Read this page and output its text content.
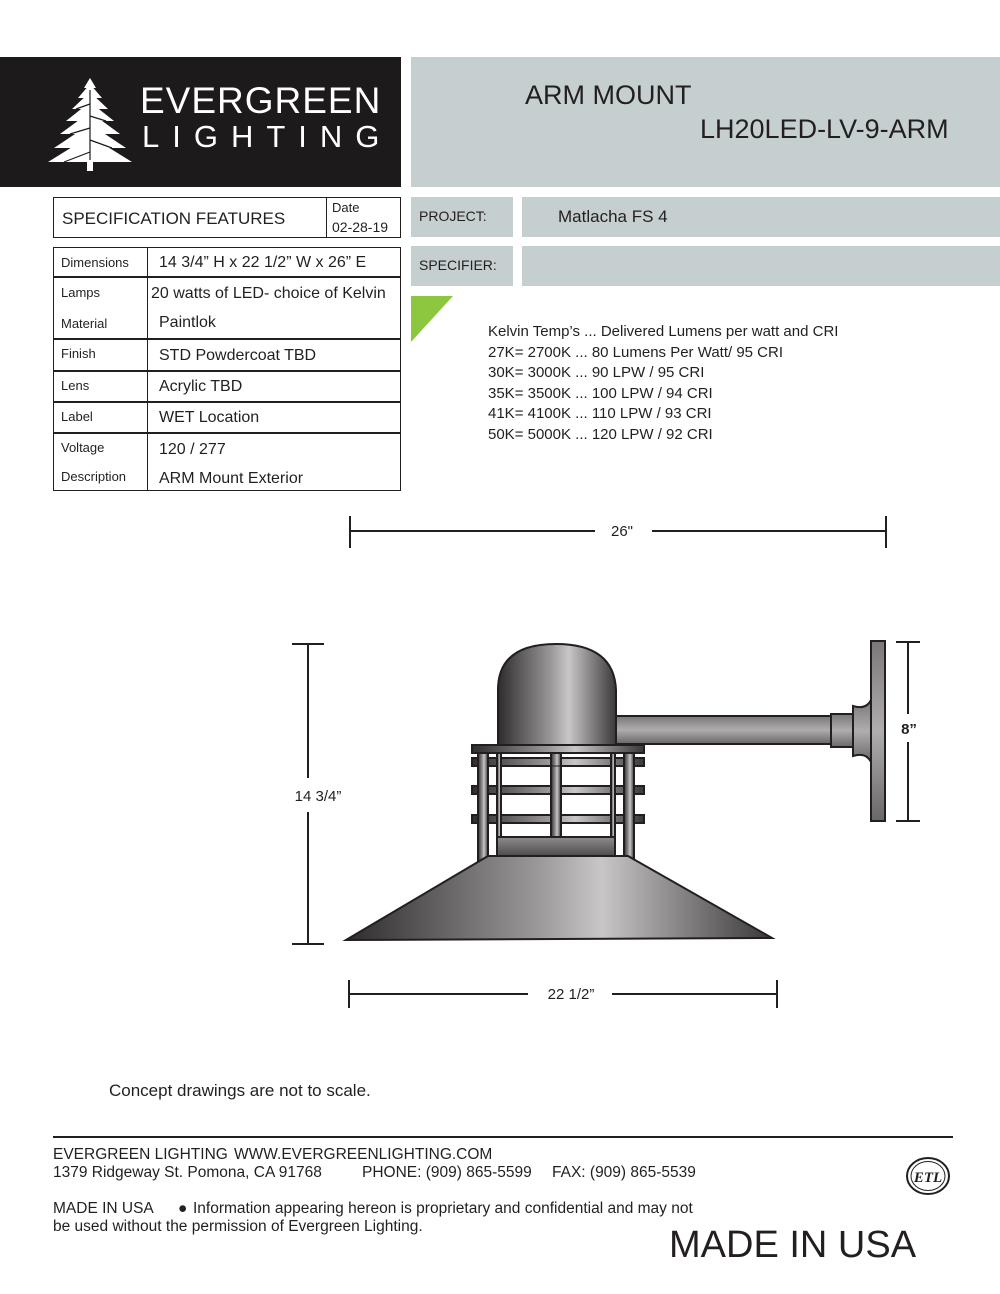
EVERGREEN
LIGHTING
ARM MOUNT
LH20LED-LV-9-ARM
SPECIFICATION FEATURES
Date
02-28-19
Dimensions 14 3/4” H x 22 1/2” W x 26” E
Lamps	20 watts of LED- choice of Kelvin
Material	Paintlok
Finish	STD Powdercoat TBD
Lens	Acrylic TBD
Label	WET Location
Voltage	120 / 277
Description ARM Mount Exterior
PROJECT:	Matlacha FS 4
SPECIFIER:
Kelvin Temp’s ... Delivered Lumens per watt and CRI
27K= 2700K ... 80 Lumens Per Watt/ 95 CRI
30K= 3000K ... 90 LPW / 95 CRI
35K= 3500K ... 100 LPW / 94 CRI
41K= 4100K ... 110 LPW / 93 CRI
50K= 5000K ... 120 LPW / 92 CRI
26"
14 3/4”
8”
22 1/2”
Concept drawings are not to scale.
EVERGREEN LIGHTING WWW.EVERGREENLIGHTING.COM
1379 Ridgeway St. Pomona, CA 91768	PHONE: (909) 865-5599 FAX: (909) 865-5539	ETL
MADE IN USA ● Information appearing hereon is proprietary and confidential and may not
be used without the permission of Evergreen Lighting.	MADE IN USA
